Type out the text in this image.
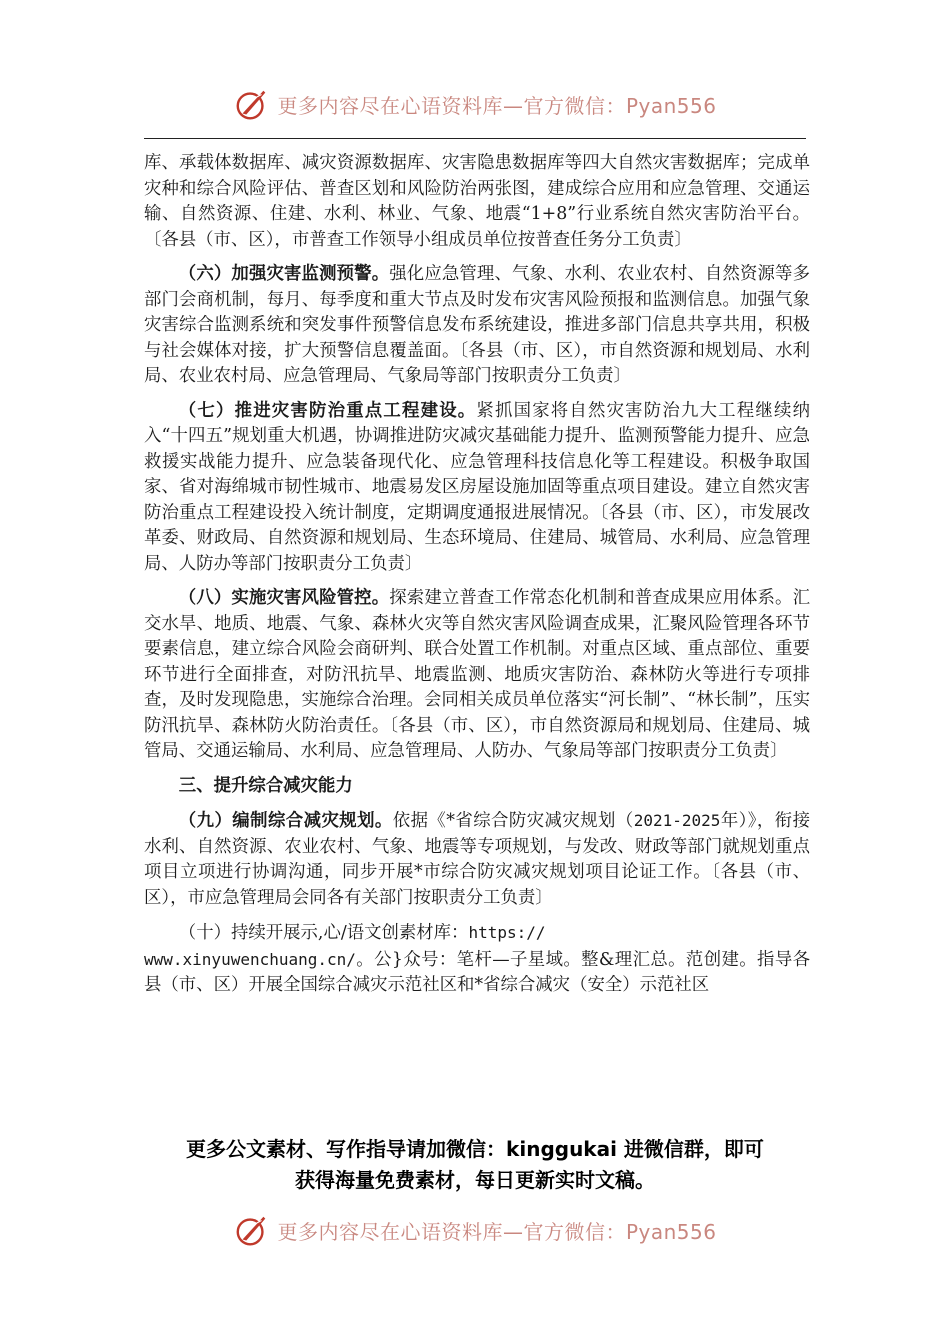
更多内容尽在心语资料库—官方微信：Pyan556

库、承载体数据库、减灾资源数据库、灾害隐患数据库等四大自然灾害数据库；完成单灾种和综合风险评估、普查区划和风险防治两张图，建成综合应用和应急管理、交通运输、自然资源、住建、水利、林业、气象、地震“1+8”行业系统自然灾害防治平台。〔各县（市、区），市普查工作领导小组成员单位按普查任务分工负责〕

（六）加强灾害监测预警。强化应急管理、气象、水利、农业农村、自然资源等多部门会商机制，每月、每季度和重大节点及时发布灾害风险预报和监测信息。加强气象灾害综合监测系统和突发事件预警信息发布系统建设，推进多部门信息共享共用，积极与社会媒体对接，扩大预警信息覆盖面。〔各县（市、区），市自然资源和规划局、水利局、农业农村局、应急管理局、气象局等部门按职责分工负责〕

（七）推进灾害防治重点工程建设。紧抓国家将自然灾害防治九大工程继续纳入“十四五”规划重大机遇，协调推进防灾减灾基础能力提升、监测预警能力提升、应急救援实战能力提升、应急装备现代化、应急管理科技信息化等工程建设。积极争取国家、省对海绵城市韧性城市、地震易发区房屋设施加固等重点项目建设。建立自然灾害防治重点工程建设投入统计制度，定期调度通报进展情况。〔各县（市、区），市发展改革委、财政局、自然资源和规划局、生态环境局、住建局、城管局、水利局、应急管理局、人防办等部门按职责分工负责〕

（八）实施灾害风险管控。探索建立普查工作常态化机制和普查成果应用体系。汇交水旱、地质、地震、气象、森林火灾等自然灾害风险调查成果，汇聚风险管理各环节要素信息，建立综合风险会商研判、联合处置工作机制。对重点区域、重点部位、重要环节进行全面排查，对防汛抗旱、地震监测、地质灾害防治、森林防火等进行专项排查，及时发现隐患，实施综合治理。会同相关成员单位落实“河长制”、“林长制”，压实防汛抗旱、森林防火防治责任。〔各县（市、区），市自然资源局和规划局、住建局、城管局、交通运输局、水利局、应急管理局、人防办、气象局等部门按职责分工负责〕

三、提升综合减灾能力

（九）编制综合减灾规划。依据《*省综合防灾减灾规划（2021-2025年）》，衔接水利、自然资源、农业农村、气象、地震等专项规划，与发改、财政等部门就规划重点项目立项进行协调沟通，同步开展*市综合防灾减灾规划项目论证工作。〔各县（市、区），市应急管理局会同各有关部门按职责分工负责〕

（十）持续开展示,心/语文创素材库：https://
www.xinyuwenchuang.cn/。公}众号：笔杆—子星域。整&理汇总。范创建。指导各县（市、区）开展全国综合减灾示范社区和*省综合减灾（安全）示范社区

更多公文素材、写作指导请加微信：kinggukai 进微信群，即可
获得海量免费素材，每日更新实时文稿。
更多内容尽在心语资料库—官方微信：Pyan556
